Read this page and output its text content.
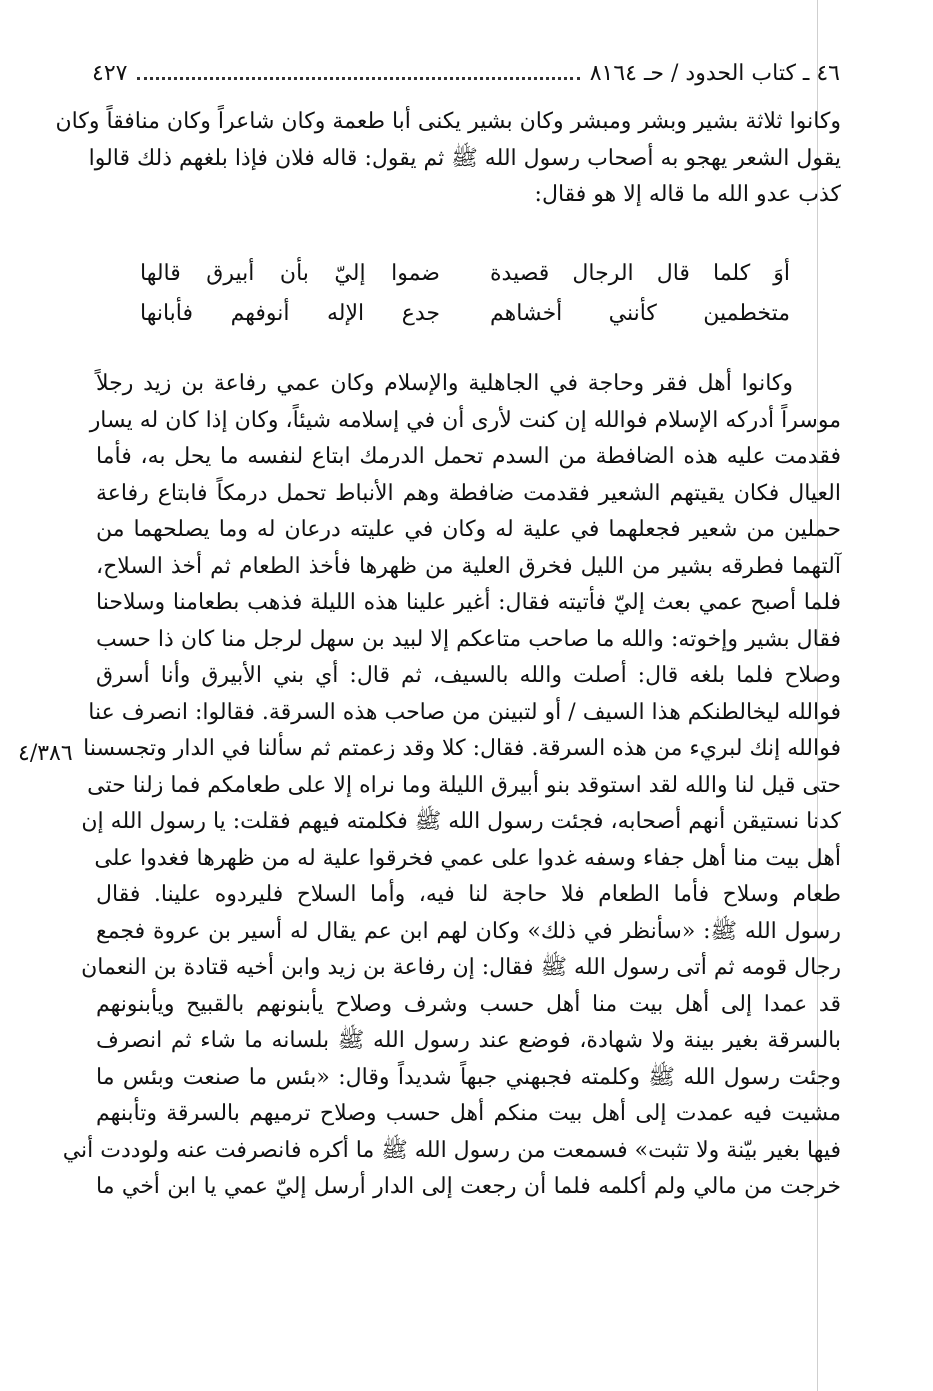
٤٦ ـ كتاب الحدود / حـ ٨١٦٤
٤٢٧
وكانوا ثلاثة بشير وبشر ومبشر وكان بشير يكنى أبا طعمة وكان شاعراً وكان منافقاً وكان
يقول الشعر يهجو به أصحاب رسول الله ﷺ ثم يقول: قاله فلان فإذا بلغهم ذلك قالوا
كذب عدو الله ما قاله إلا هو فقال:
أوَ كلما قال الرجال قصيدة
ضموا إليّ بأن أبيرق قالها
متخطمين كأنني أخشاهم
جدع الإله أنوفهم فأبانها
وكانوا أهل فقر وحاجة في الجاهلية والإسلام وكان عمي رفاعة بن زيد رجلاً
موسراً أدركه الإسلام فوالله إن كنت لأرى أن في إسلامه شيئاً، وكان إذا كان له يسار
فقدمت عليه هذه الضافطة من السدم تحمل الدرمك ابتاع لنفسه ما يحل به، فأما
العيال فكان يقيتهم الشعير فقدمت ضافطة وهم الأنباط تحمل درمكاً فابتاع رفاعة
حملين من شعير فجعلهما في علية له وكان في عليته درعان له وما يصلحهما من
آلتهما فطرقه بشير من الليل فخرق العلية من ظهرها فأخذ الطعام ثم أخذ السلاح،
فلما أصبح عمي بعث إليّ فأتيته فقال: أغير علينا هذه الليلة فذهب بطعامنا وسلاحنا
فقال بشير وإخوته: والله ما صاحب متاعكم إلا لبيد بن سهل لرجل منا كان ذا حسب
وصلاح فلما بلغه قال: أصلت والله بالسيف، ثم قال: أي بني الأبيرق وأنا أسرق
فوالله ليخالطنكم هذا السيف / أو لتبينن من صاحب هذه السرقة. فقالوا: انصرف عنا
فوالله إنك لبريء من هذه السرقة. فقال: كلا وقد زعمتم ثم سألنا في الدار وتجسسنا
حتى قيل لنا والله لقد استوقد بنو أبيرق الليلة وما نراه إلا على طعامكم فما زلنا حتى
كدنا نستيقن أنهم أصحابه، فجئت رسول الله ﷺ فكلمته فيهم فقلت: يا رسول الله إن
أهل بيت منا أهل جفاء وسفه غدوا على عمي فخرقوا علية له من ظهرها فغدوا على
طعام وسلاح فأما الطعام فلا حاجة لنا فيه، وأما السلاح فليردوه علينا. فقال
رسول الله ﷺ: «سأنظر في ذلك» وكان لهم ابن عم يقال له أسير بن عروة فجمع
رجال قومه ثم أتى رسول الله ﷺ فقال: إن رفاعة بن زيد وابن أخيه قتادة بن النعمان
قد عمدا إلى أهل بيت منا أهل حسب وشرف وصلاح يأبنونهم بالقبيح ويأبنونهم
بالسرقة بغير بينة ولا شهادة، فوضع عند رسول الله ﷺ بلسانه ما شاء ثم انصرف
وجئت رسول الله ﷺ وكلمته فجبهني جبهاً شديداً وقال: «بئس ما صنعت وبئس ما
مشيت فيه عمدت إلى أهل بيت منكم أهل حسب وصلاح ترميهم بالسرقة وتأبنهم
فيها بغير بيّنة ولا تثبت» فسمعت من رسول الله ﷺ ما أكره فانصرفت عنه ولوددت أني
خرجت من مالي ولم أكلمه فلما أن رجعت إلى الدار أرسل إليّ عمي يا ابن أخي ما
٤/٣٨٦
